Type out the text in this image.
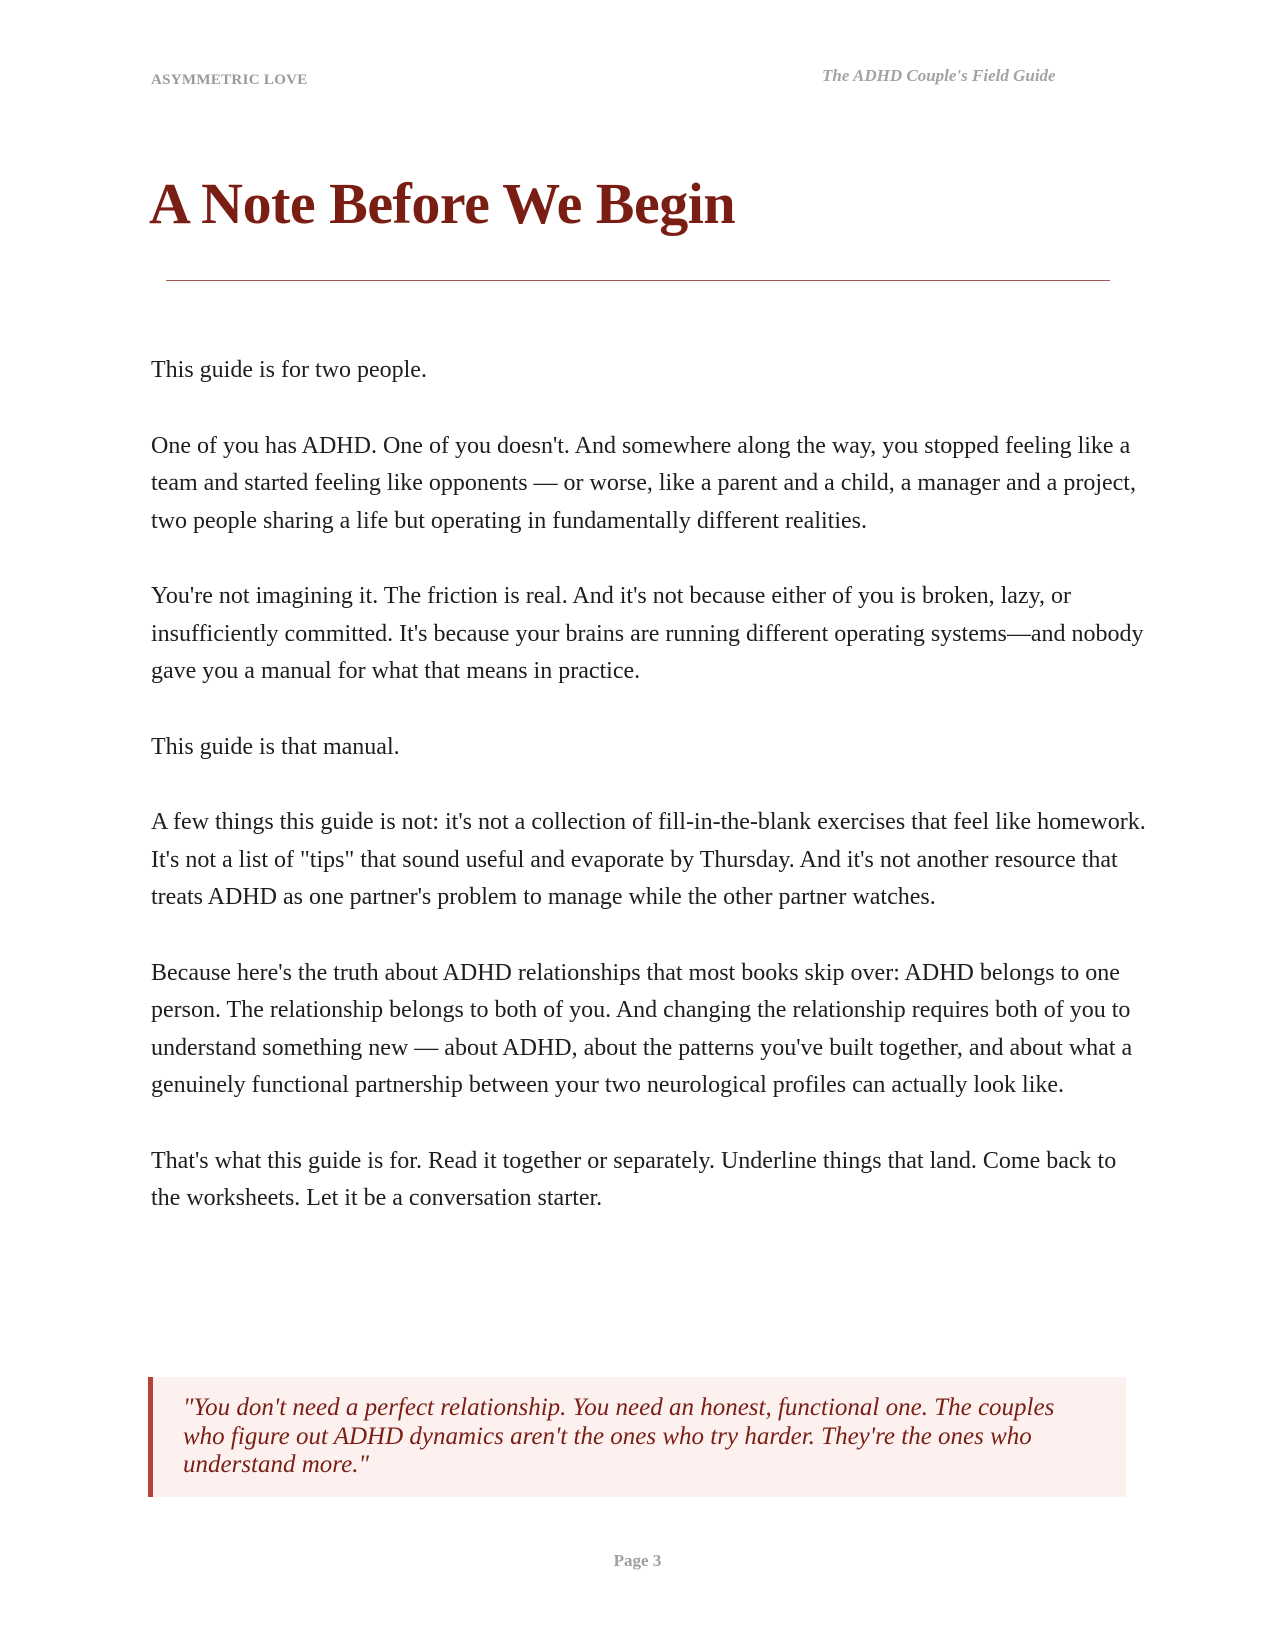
ASYMMETRIC LOVE	The ADHD Couple's Field Guide
A Note Before We Begin

This guide is for two people.

One of you has ADHD. One of you doesn't. And somewhere along the way, you stopped feeling like a team and started feeling like opponents — or worse, like a parent and a child, a manager and a project, two people sharing a life but operating in fundamentally different realities.

You're not imagining it. The friction is real. And it's not because either of you is broken, lazy, or insufficiently committed. It's because your brains are running different operating systems—and nobody gave you a manual for what that means in practice.

This guide is that manual.

A few things this guide is not: it's not a collection of fill-in-the-blank exercises that feel like homework. It's not a list of "tips" that sound useful and evaporate by Thursday. And it's not another resource that treats ADHD as one partner's problem to manage while the other partner watches.

Because here's the truth about ADHD relationships that most books skip over: ADHD belongs to one person. The relationship belongs to both of you. And changing the relationship requires both of you to understand something new — about ADHD, about the patterns you've built together, and about what a genuinely functional partnership between your two neurological profiles can actually look like.

That's what this guide is for. Read it together or separately. Underline things that land. Come back to the worksheets. Let it be a conversation starter.

"You don't need a perfect relationship. You need an honest, functional one. The couples who figure out ADHD dynamics aren't the ones who try harder. They're the ones who understand more."
Page 3
